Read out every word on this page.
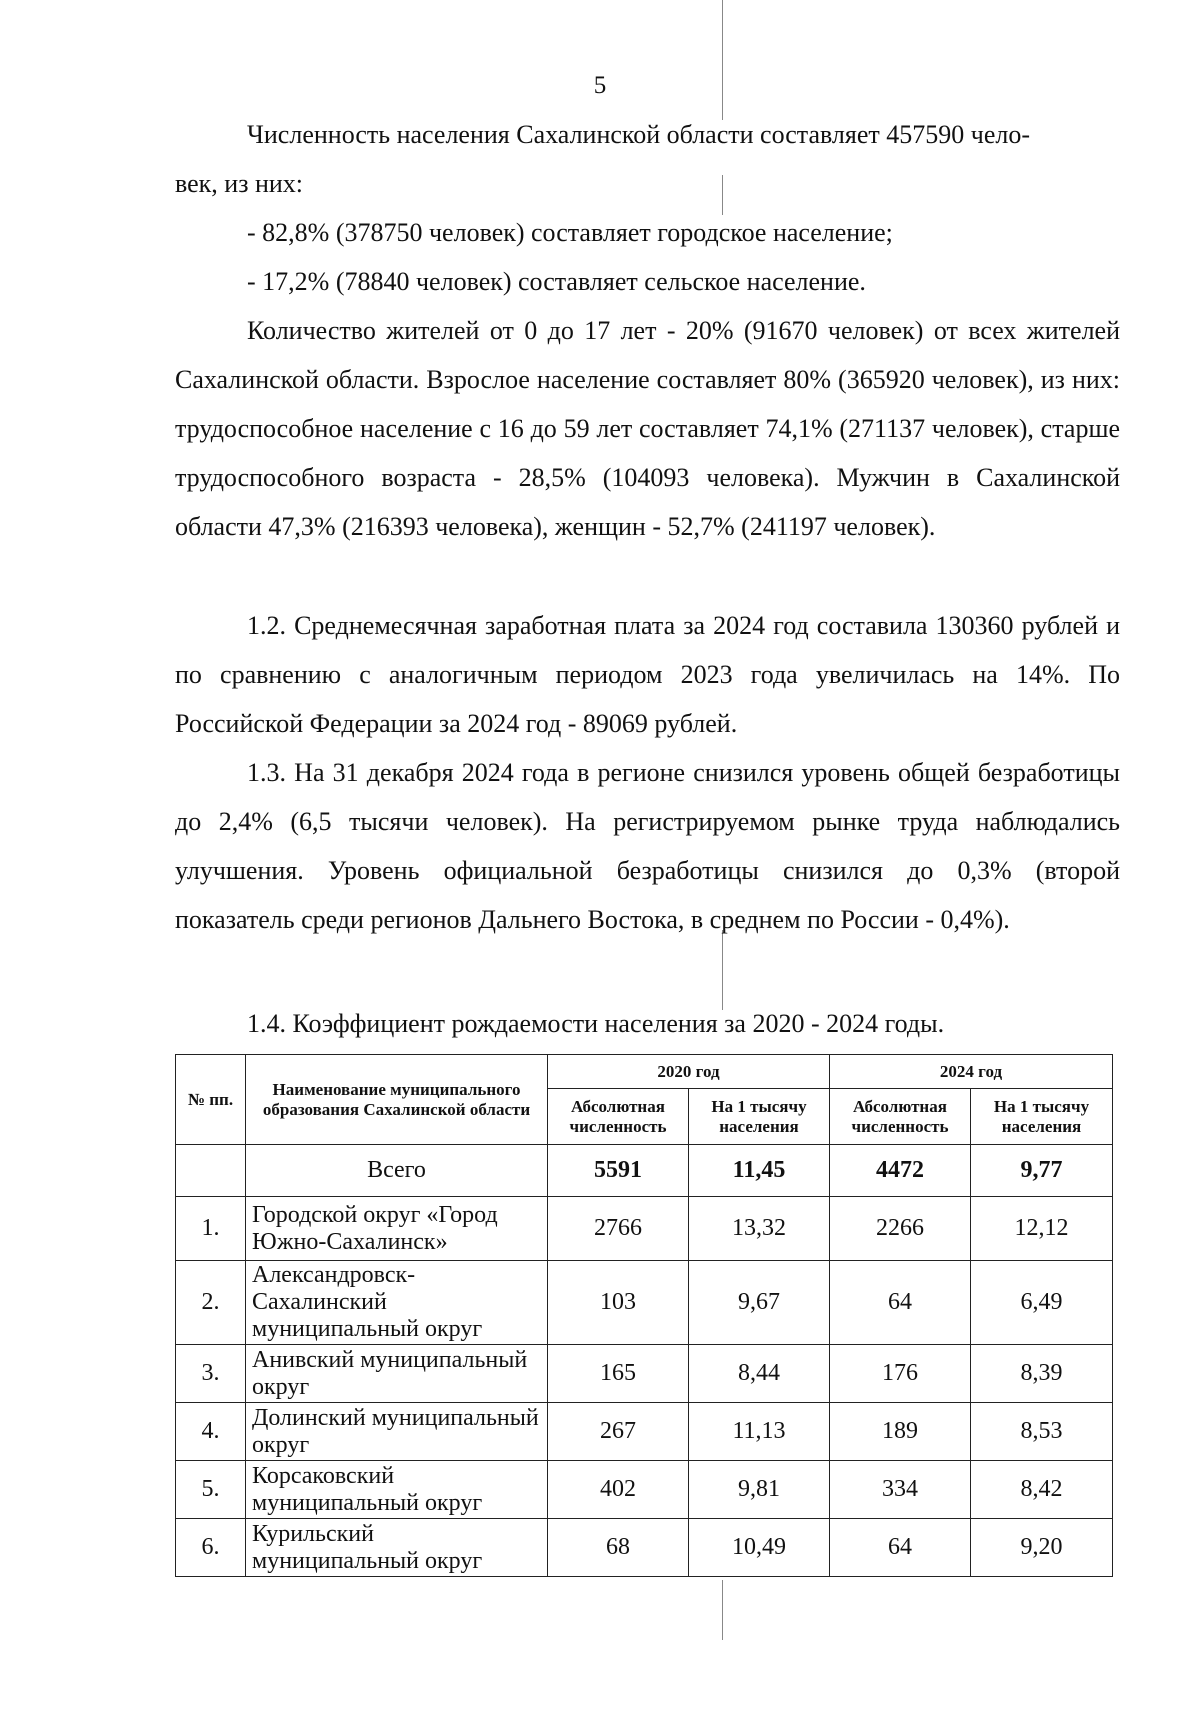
5
Численность населения Сахалинской области составляет 457590 чело-
век, из них:
- 82,8% (378750 человек) составляет городское население;
- 17,2% (78840 человек) составляет сельское население.
Количество жителей от 0 до 17 лет - 20% (91670 человек) от всех жителей Сахалинской области. Взрослое население составляет 80% (365920 человек), из них: трудоспособное население с 16 до 59 лет составляет 74,1% (271137 человек), старше трудоспособного возраста - 28,5% (104093 человека). Мужчин в Сахалинской области 47,3% (216393 человека), женщин - 52,7% (241197 человек).
1.2. Среднемесячная заработная плата за 2024 год составила 130360 рублей и по сравнению с аналогичным периодом 2023 года увеличилась на 14%. По Российской Федерации за 2024 год - 89069 рублей.
1.3. На 31 декабря 2024 года в регионе снизился уровень общей безработицы до 2,4% (6,5 тысячи человек). На регистрируемом рынке труда наблюдались улучшения. Уровень официальной безработицы снизился до 0,3% (второй показатель среди регионов Дальнего Востока, в среднем по России - 0,4%).
1.4. Коэффициент рождаемости населения за 2020 - 2024 годы.
№ пп.	Наименование муниципального образования Сахалинской области	2020 год		2024 год	
		Абсолютная численность	На 1 тысячу населения	Абсолютная численность	На 1 тысячу населения
	Всего	5591	11,45	4472	9,77
1.	Городской округ «Город Южно-Сахалинск»	2766	13,32	2266	12,12
2.	Александровск-Сахалинский муниципальный округ	103	9,67	64	6,49
3.	Анивский муниципальный округ	165	8,44	176	8,39
4.	Долинский муниципальный округ	267	11,13	189	8,53
5.	Корсаковский муниципальный округ	402	9,81	334	8,42
6.	Курильский муниципальный округ	68	10,49	64	9,20
